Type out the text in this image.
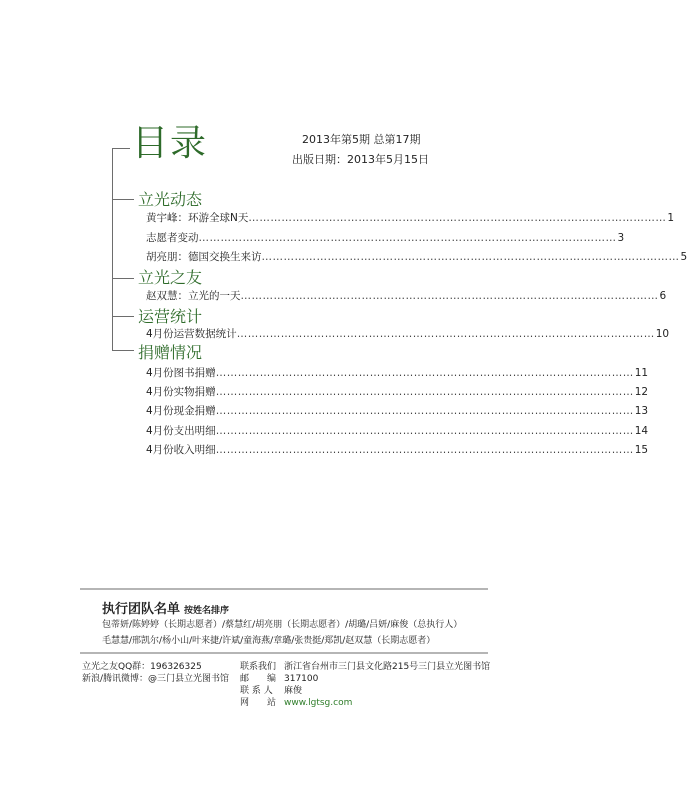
目录	2013年第5期 总第17期
出版日期：2013年5月15日
立光动态
黄宇峰：环游全球N天 …………………………………………………………………………………………………… 1
志愿者变动 …………………………………………………………………………………………………… 3
胡亮朋：德国交换生来访 …………………………………………………………………………………………………… 5
立光之友
赵双慧：立光的一天 …………………………………………………………………………………………………… 6
运营统计
4月份运营数据统计 …………………………………………………………………………………………………… 10
捐赠情况
4月份图书捐赠 …………………………………………………………………………………………………… 11
4月份实物捐赠 …………………………………………………………………………………………………… 12
4月份现金捐赠 …………………………………………………………………………………………………… 13
4月份支出明细 …………………………………………………………………………………………………… 14
4月份收入明细 …………………………………………………………………………………………………… 15
执行团队名单 按姓名排序
包蒂妍/陈婷婷（长期志愿者）/蔡慧红/胡亮朋（长期志愿者）/胡璐/吕妍/麻俊（总执行人）
毛慧慧/邢凯尔/杨小山/叶来捷/许斌/童海燕/章璐/张贵挺/郑凯/赵双慧（长期志愿者）
立光之友QQ群：196326325
新浪/腾讯微博：@三门县立光图书馆
联系我们 浙江省台州市三门县文化路215号三门县立光图书馆
邮　　编 317100
联 系 人 麻俊
网　　站 www.lgtsg.com
